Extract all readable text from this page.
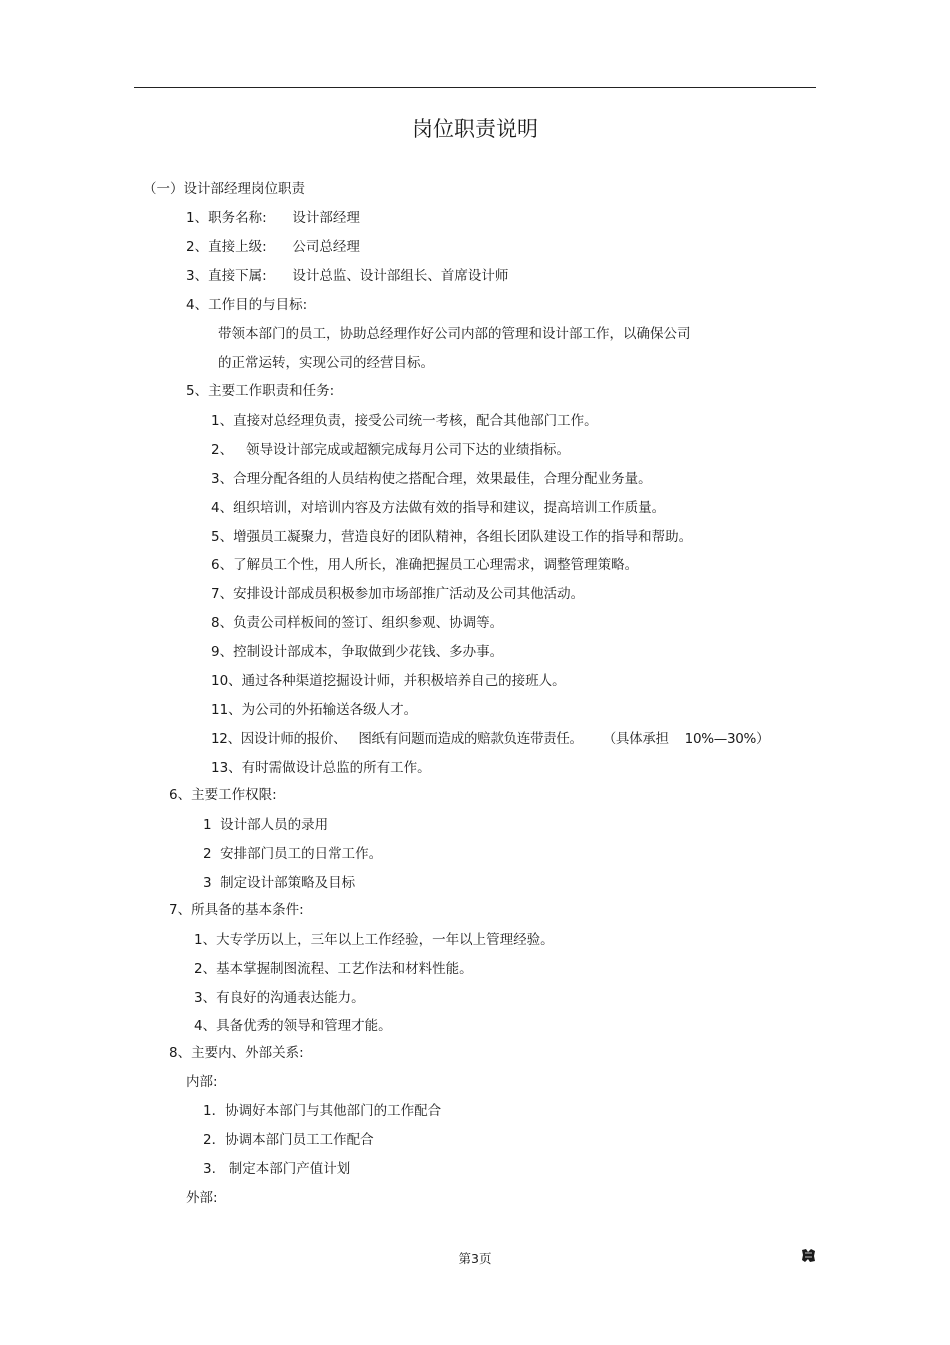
岗位职责说明
（一）设计部经理岗位职责
1、职务名称:      设计部经理
2、直接上级:      公司总经理
3、直接下属:      设计总监、设计部组长、首席设计师
4、工作目的与目标:
带领本部门的员工，协助总经理作好公司内部的管理和设计部工作，以确保公司
的正常运转，实现公司的经营目标。
5、主要工作职责和任务:
1、直接对总经理负责，接受公司统一考核，配合其他部门工作。
2、   领导设计部完成或超额完成每月公司下达的业绩指标。
3、合理分配各组的人员结构使之搭配合理，效果最佳，合理分配业务量。
4、组织培训，对培训内容及方法做有效的指导和建议，提高培训工作质量。
5、增强员工凝聚力，营造良好的团队精神，各组长团队建设工作的指导和帮助。
6、了解员工个性，用人所长，准确把握员工心理需求，调整管理策略。
7、安排设计部成员积极参加市场部推广活动及公司其他活动。
8、负责公司样板间的签订、组织参观、协调等。
9、控制设计部成本，争取做到少花钱、多办事。
10、通过各种渠道挖掘设计师，并积极培养自己的接班人。
11、为公司的外拓输送各级人才。
12、因设计师的报价、   图纸有问题而造成的赔款负连带责任。     （具体承担    10%—30%）
13、有时需做设计总监的所有工作。
6、主要工作权限:
1  设计部人员的录用
2  安排部门员工的日常工作。
3  制定设计部策略及目标
7、所具备的基本条件:
1、大专学历以上，三年以上工作经验，一年以上管理经验。
2、基本掌握制图流程、工艺作法和材料性能。
3、有良好的沟通表达能力。
4、具备优秀的领导和管理才能。
8、主要内、外部关系:
内部:
1．协调好本部门与其他部门的工作配合
2．协调本部门员工工作配合
3.   制定本部门产值计划
外部:
第3页
